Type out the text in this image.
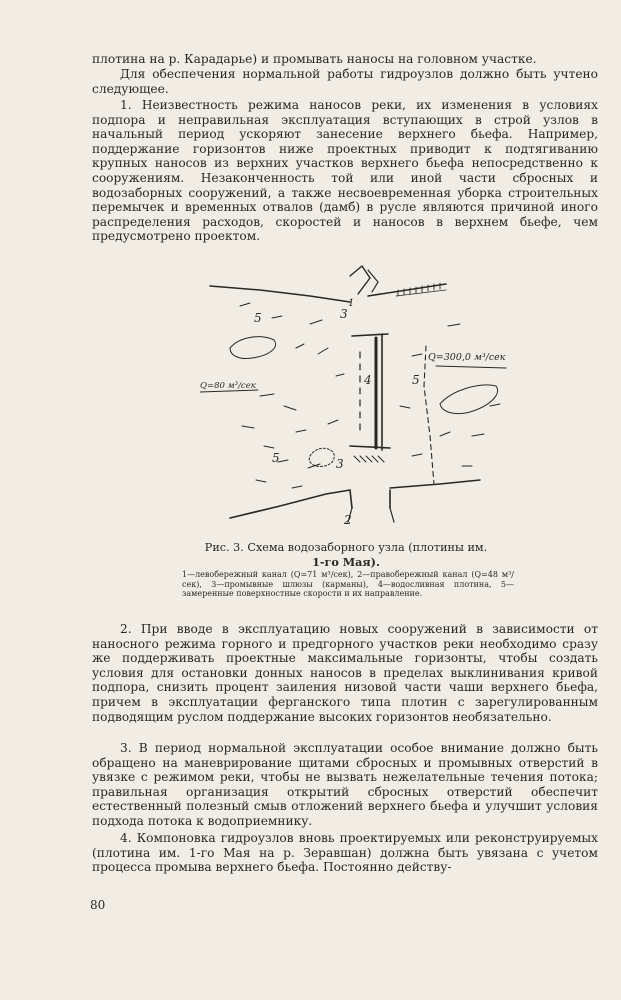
плотина на р. Карадарье) и промывать наносы на головном участке.

Для обеспечения нормальной работы гидроузлов должно быть учтено следующее.

1. Неизвестность режима наносов реки, их изменения в условиях подпора и неправильная эксплуатация вступающих в строй узлов в начальный период ускоряют занесение верхнего бьефа. Например, поддержание горизонтов ниже проектных приводит к подтягиванию крупных наносов из верхних участков верхнего бьефа непосредственно к сооружениям. Незаконченность той или иной части сбросных и водозаборных сооружений, а также несвоевременная уборка строительных перемычек и временных отвалов (дамб) в русле являются причиной иного распределения расходов, скоростей и наносов в верхнем бьефе, чем предусмотрено проектом.

5	3
1
4	5
5	3
2
Q=300,0 м³/сек
Q=80 м³/сек
Рис. 3. Схема водозаборного узла (плотины им.
1-го Мая).
1—левобережный канал (Q=71 м³/сек), 2—правобережный канал (Q=48 м³/сек), 3—промывные шлюзы (карманы), 4—водосливная плотина, 5—замеренные поверхностные скорости и их направление.

2. При вводе в эксплуатацию новых сооружений в зависимости от наносного режима горного и предгорного участков реки необходимо сразу же поддерживать проектные максимальные горизонты, чтобы создать условия для остановки донных наносов в пределах выклинивания кривой подпора, снизить процент заиления низовой части чаши верхнего бьефа, причем в эксплуатации ферганского типа плотин с зарегулированным подводящим руслом поддержание высоких горизонтов необязательно.

3. В период нормальной эксплуатации особое внимание должно быть обращено на маневрирование щитами сбросных и промывных отверстий в увязке с режимом реки, чтобы не вызвать нежелательные течения потока; правильная организация открытий сбросных отверстий обеспечит естественный полезный смыв отложений верхнего бьефа и улучшит условия подхода потока к водоприемнику.

4. Компоновка гидроузлов вновь проектируемых или реконструируемых (плотина им. 1-го Мая на р. Зеравшан) должна быть увязана с учетом процесса промыва верхнего бьефа. Постоянно действу-

80
